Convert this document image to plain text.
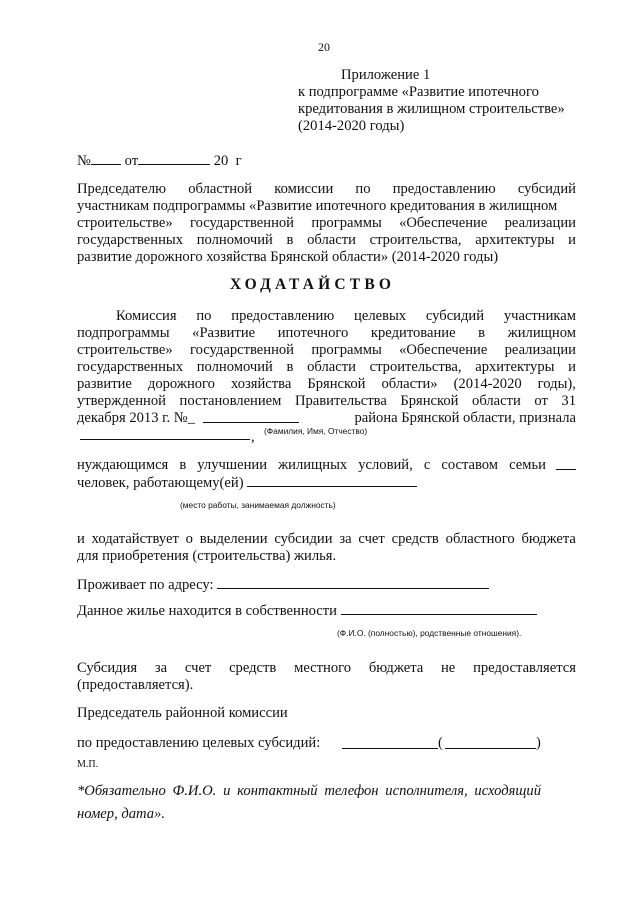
20
Приложение 1
к подпрограмме «Развитие ипотечного
кредитования в жилищном строительстве»
(2014-2020 годы)
№ от	20 г
Председателю областной комиссии по предоставлению субсидий
участникам подпрограммы «Развитие ипотечного кредитования в жилищном
строительстве» государственной программы «Обеспечение реализации
государственных полномочий в области строительства, архитектуры и
развитие дорожного хозяйства Брянской области» (2014-2020 годы)
ХОДАТАЙСТВО
Комиссия по предоставлению целевых субсидий участникам
подпрограммы «Развитие ипотечного кредитование в жилищном
строительстве» государственной программы «Обеспечение реализации
государственных полномочий в области строительства, архитектуры и
развитие дорожного хозяйства Брянской области» (2014-2020 годы),
утвержденной постановлением Правительства Брянской области от 31
декабря 2013 г. №_	района Брянской области, признала
, (Фамилия, Имя, Отчество)
нуждающимся в улучшении жилищных условий, с составом семьи
человек, работающему(ей)
(место работы, занимаемая должность)
и ходатайствует о выделении субсидии за счет средств областного бюджета
для приобретения (строительства) жилья.
Проживает по адресу:
Данное жилье находится в собственности
(Ф.И.О. (полностью), родственные отношения).
Субсидия за счет средств местного бюджета не предоставляется
(предоставляется).
Председатель районной комиссии
по предоставлению целевых субсидий:	(	)
М.П.
*Обязательно Ф.И.О. и контактный телефон исполнителя, исходящий
номер, дата».
